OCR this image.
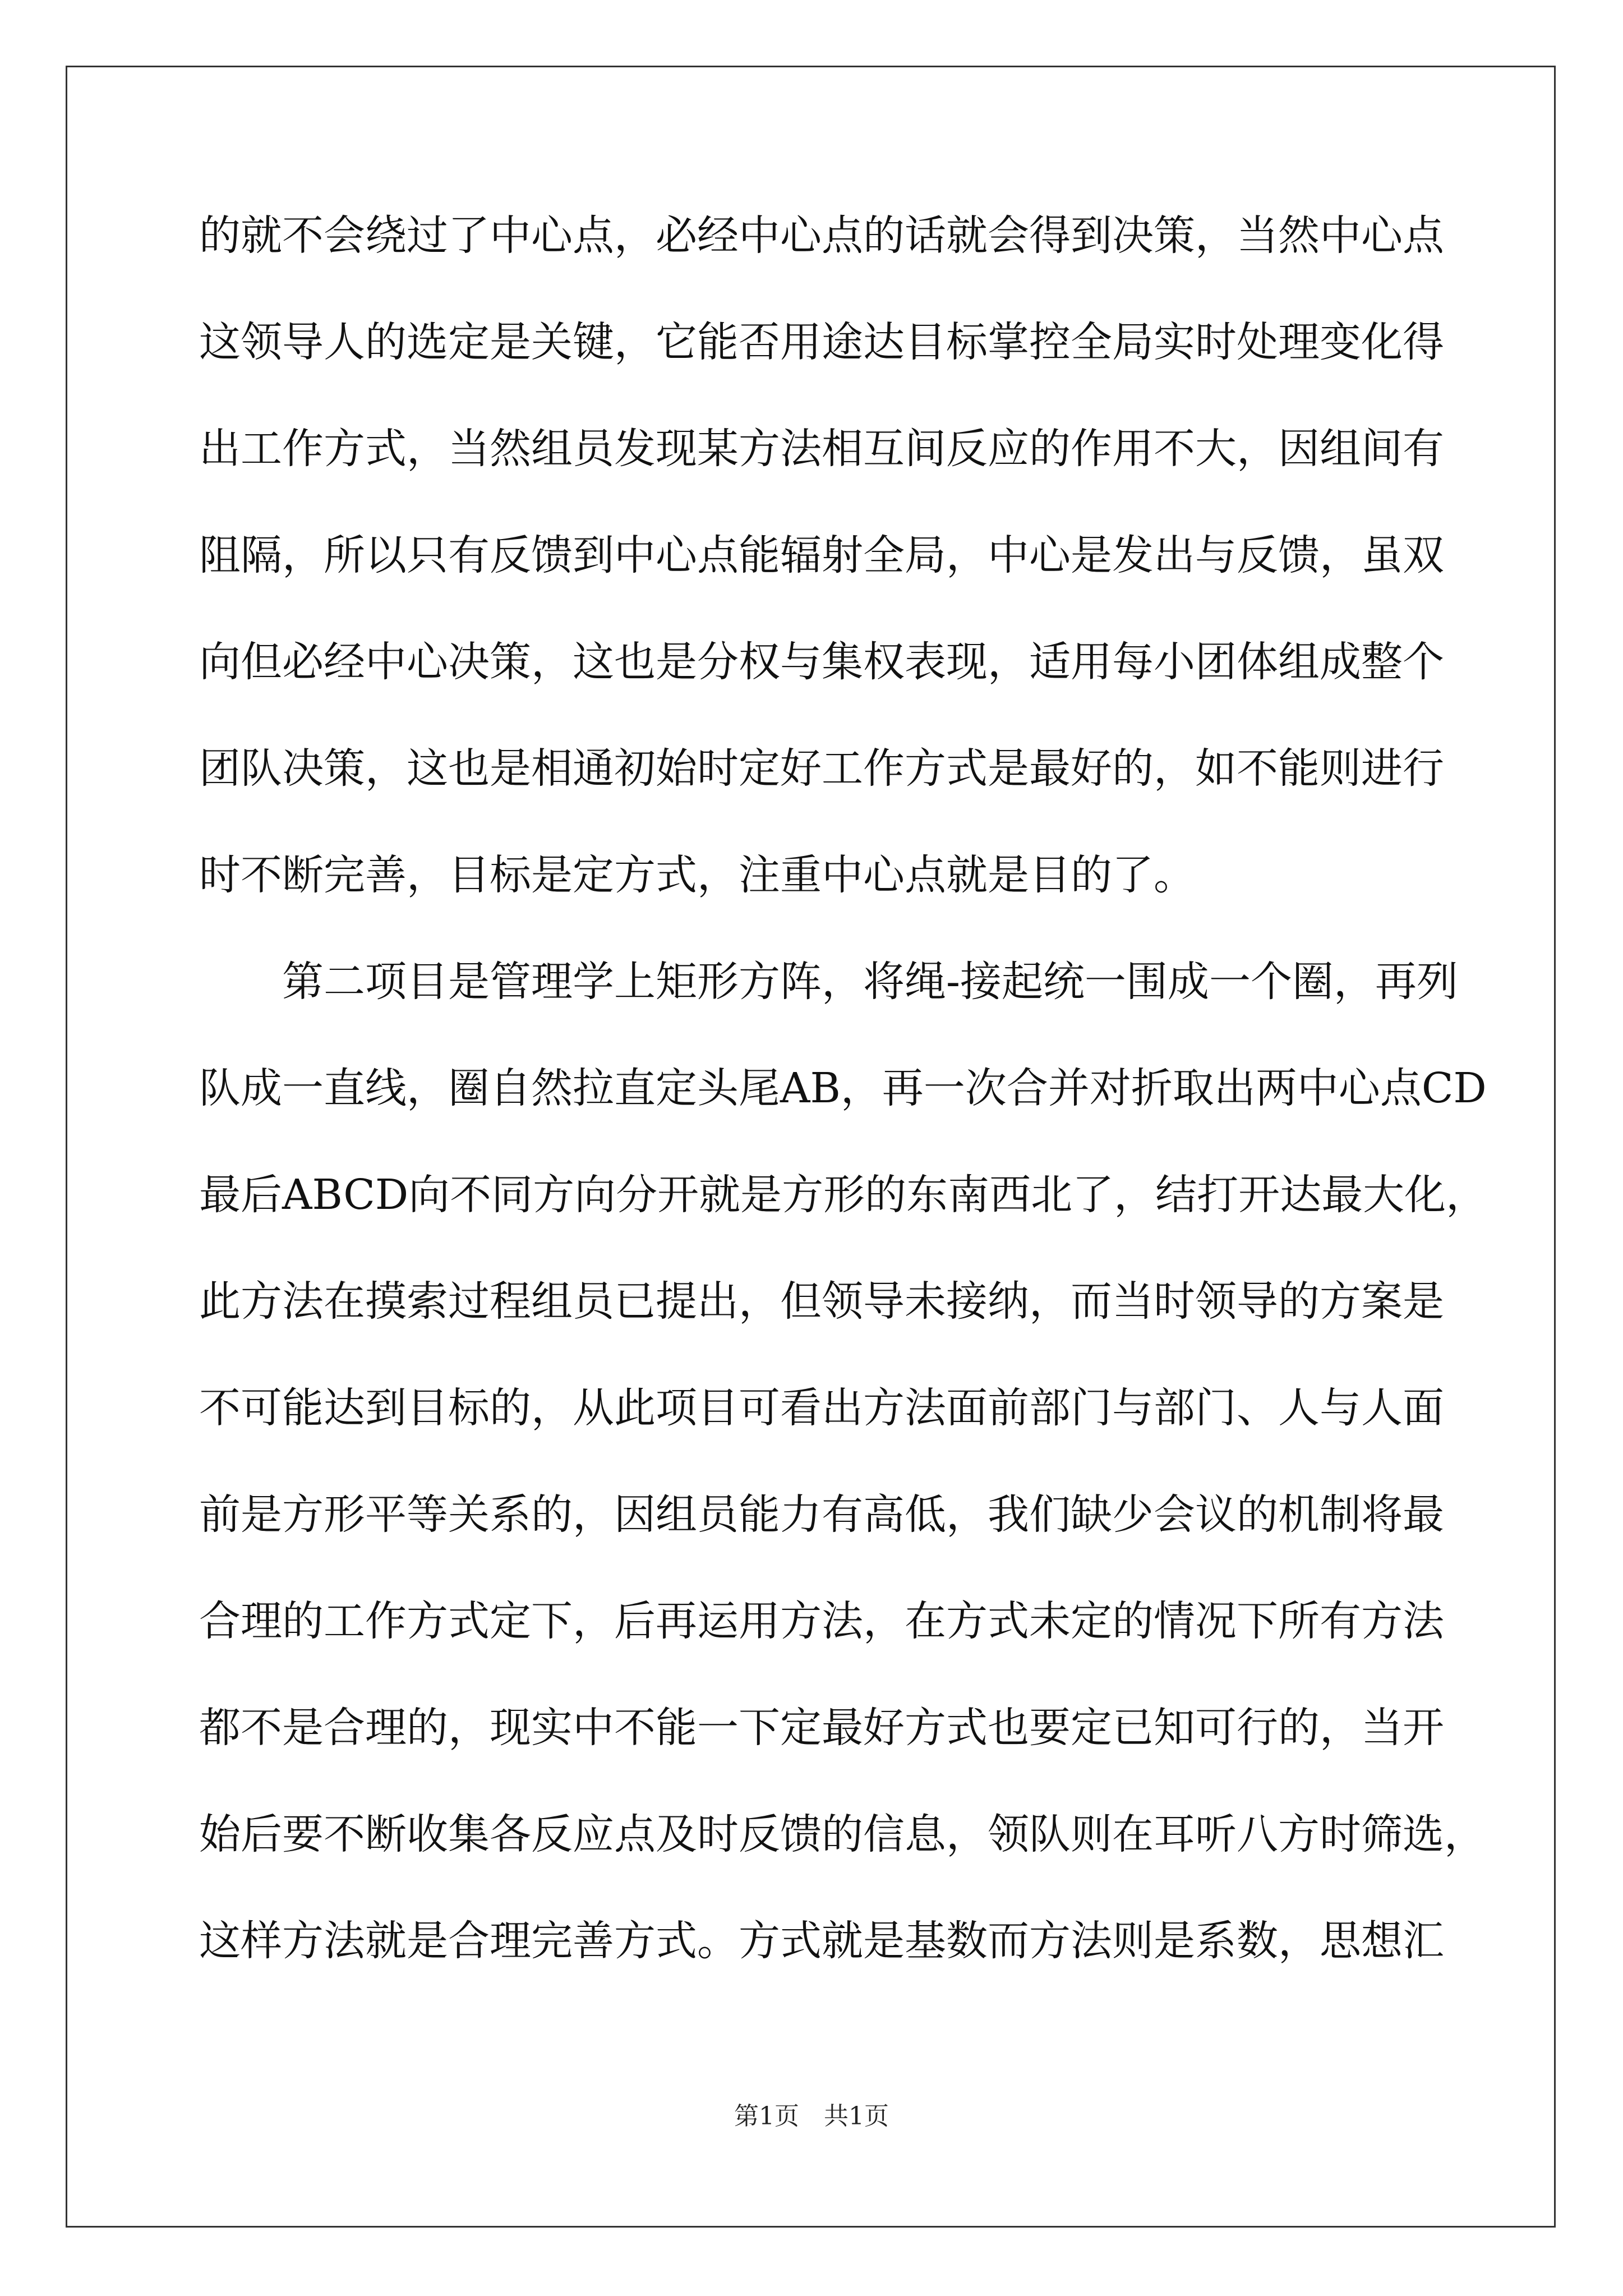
的就不会绕过了中心点，必经中心点的话就会得到决策，当然中心点
这领导人的选定是关键，它能否用途达目标掌控全局实时处理变化得
出工作方式，当然组员发现某方法相互间反应的作用不大，因组间有
阻隔，所以只有反馈到中心点能辐射全局，中心是发出与反馈，虽双
向但必经中心决策，这也是分权与集权表现，适用每小团体组成整个
团队决策，这也是相通初始时定好工作方式是最好的，如不能则进行
时不断完善，目标是定方式，注重中心点就是目的了。
第二项目是管理学上矩形方阵，将绳-接起统一围成一个圈，再列
队成一直线，圈自然拉直定头尾AB，再一次合并对折取出两中心点CD
最后ABCD向不同方向分开就是方形的东南西北了，结打开达最大化，
此方法在摸索过程组员已提出，但领导未接纳，而当时领导的方案是
不可能达到目标的，从此项目可看出方法面前部门与部门、人与人面
前是方形平等关系的，因组员能力有高低，我们缺少会议的机制将最
合理的工作方式定下，后再运用方法，在方式未定的情况下所有方法
都不是合理的，现实中不能一下定最好方式也要定已知可行的，当开
始后要不断收集各反应点及时反馈的信息，领队则在耳听八方时筛选，
这样方法就是合理完善方式。方式就是基数而方法则是系数，思想汇
第1页　共1页
